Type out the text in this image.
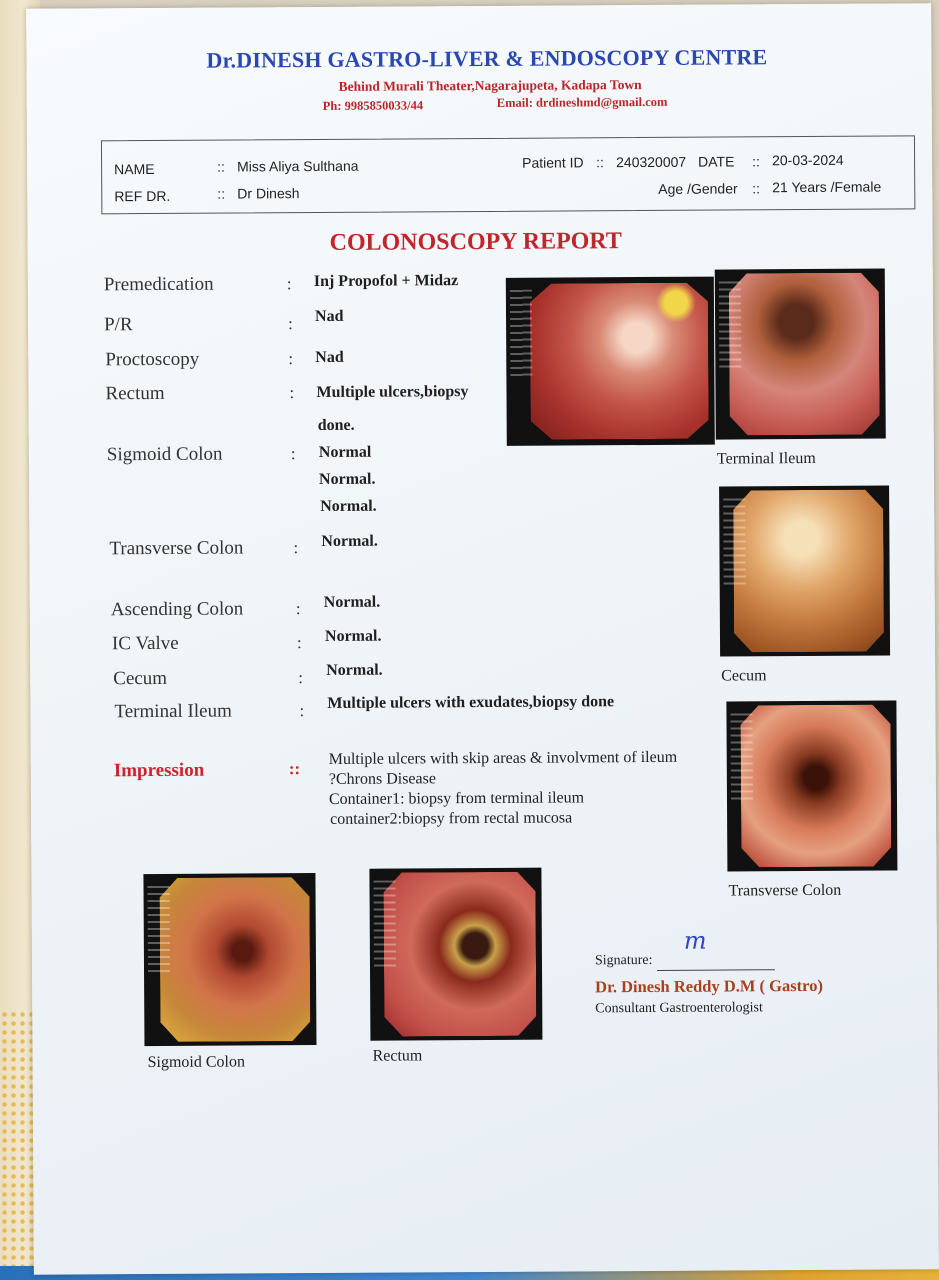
Dr.DINESH GASTRO-LIVER & ENDOSCOPY CENTRE
Behind Murali Theater,Nagarajupeta, Kadapa Town
Ph: 9985850033/44	Email: drdineshmd@gmail.com
NAME	:: Miss Aliya Sulthana
REF DR.	:: Dr Dinesh
Patient ID :: 240320007 DATE :: 20-03-2024
Age /Gender :: 21 Years /Female
COLONOSCOPY REPORT
Premedication	: Inj Propofol + Midaz
P/R	: Nad
Proctoscopy	: Nad
Rectum	: Multiple ulcers,biopsy
done.
Sigmoid Colon	: Normal
Normal.
Normal.
Transverse Colon	: Normal.
Ascending Colon	: Normal.
IC Valve	: Normal.
Cecum	: Normal.
Terminal Ileum	: Multiple ulcers with exudates,biopsy done
Impression	::
Multiple ulcers with skip areas & involvment of ileum
?Chrons Disease
Container1: biopsy from terminal ileum
container2:biopsy from rectal mucosa
Terminal Ileum
Cecum
Transverse Colon
Sigmoid Colon	Rectum
m
Signature:
Dr. Dinesh Reddy D.M ( Gastro)
Consultant Gastroenterologist
